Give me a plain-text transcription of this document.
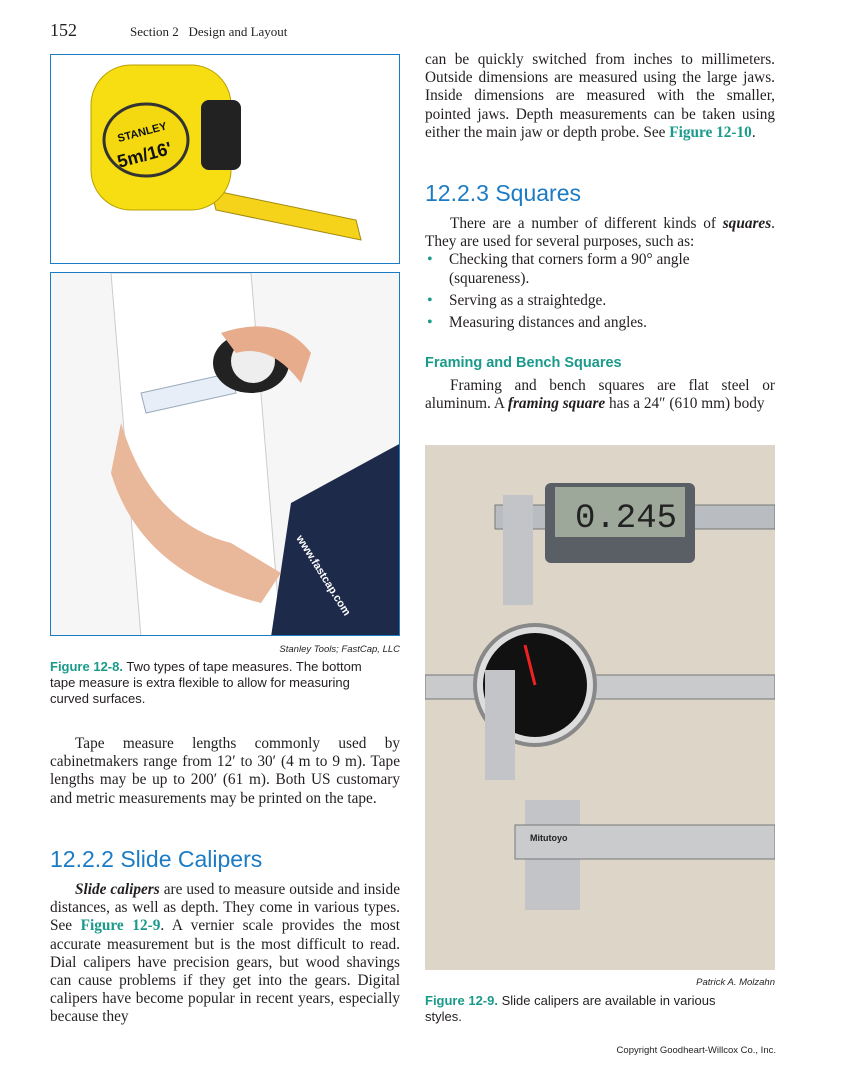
152	Section 2   Design and Layout
STANLEY
5m/16'
www.fastcap.com
Stanley Tools; FastCap, LLC
Figure 12-8. Two types of tape measures. The bottom tape measure is extra flexible to allow for measuring curved surfaces.

Tape measure lengths commonly used by cabinetmakers range from 12′ to 30′ (4 m to 9 m). Tape lengths may be up to 200′ (61 m). Both US customary and metric measurements may be printed on the tape.

12.2.2 Slide Calipers

Slide calipers are used to measure outside and inside distances, as well as depth. They come in various types. See Figure 12-9. A vernier scale provides the most accurate measurement but is the most difficult to read. Dial calipers have precision gears, but wood shavings can cause problems if they get into the gears. Digital calipers have become popular in recent years, especially because they

can be quickly switched from inches to millimeters. Outside dimensions are measured using the large jaws. Inside dimensions are measured with the smaller, pointed jaws. Depth measurements can be taken using either the main jaw or depth probe. See Figure 12-10.

12.2.3 Squares

There are a number of different kinds of squares. They are used for several purposes, such as:

• Checking that corners form a 90° angle (squareness).
• Serving as a straightedge.
• Measuring distances and angles.
Framing and Bench Squares

Framing and bench squares are flat steel or aluminum. A framing square has a 24″ (610 mm) body

0.245
Mitutoyo
Patrick A. Molzahn
Figure 12-9. Slide calipers are available in various styles.
Copyright Goodheart-Willcox Co., Inc.
